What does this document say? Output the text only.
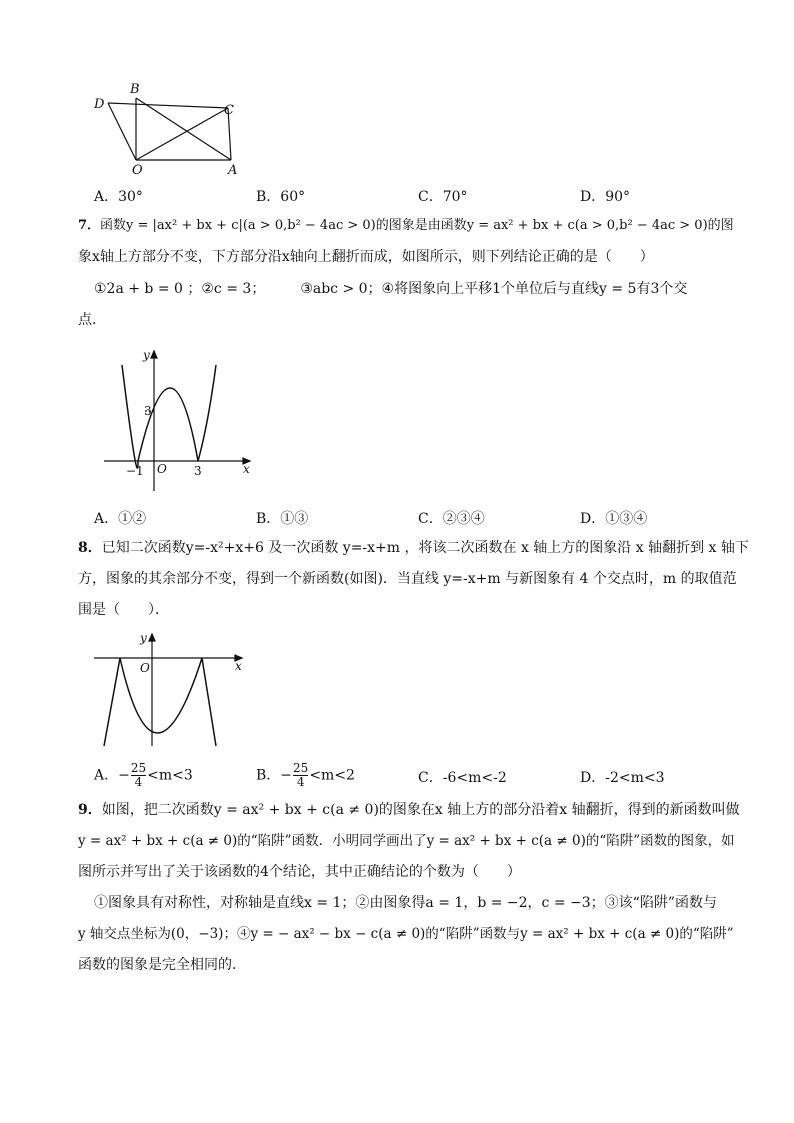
D
B
C
O	A
A．30°	B．60°	C．70°	D．90°
7．函数y = |ax² + bx + c|(a > 0,b² − 4ac > 0)的图象是由函数y = ax² + bx + c(a > 0,b² − 4ac > 0)的图
象x轴上方部分不变，下方部分沿x轴向上翻折而成，如图所示，则下列结论正确的是（　　）
①2a + b = 0 ；②c = 3；　　　③abc > 0；④将图象向上平移1个单位后与直线y = 5有3个交
点．
y
x
O
−1	3
3
A．①②	B．①③	C．②③④	D．①③④
8．已知二次函数y=-x²+x+6 及一次函数 y=-x+m ，将该二次函数在 x 轴上方的图象沿 x 轴翻折到 x 轴下
方，图象的其余部分不变，得到一个新函数(如图)．当直线 y=-x+m 与新图象有 4 个交点时，m 的取值范
围是（　　）．
y
x
O
A．− $\frac{25}{4} <m<3$	B．− $\frac{25}{4} <m<2$	C．-6<m<-2	D．-2<m<3
9．如图，把二次函数y = ax² + bx + c(a ≠ 0)的图象在x 轴上方的部分沿着x 轴翻折，得到的新函数叫做
y = ax² + bx + c(a ≠ 0)的“陷阱”函数．小明同学画出了y = ax² + bx + c(a ≠ 0)的“陷阱”函数的图象，如
图所示并写出了关于该函数的4个结论，其中正确结论的个数为（　　）
①图象具有对称性，对称轴是直线x = 1；②由图象得a = 1，b = −2，c = −3；③该“陷阱”函数与
y 轴交点坐标为(0，−3)；④y = − ax² − bx − c(a ≠ 0)的“陷阱”函数与y = ax² + bx + c(a ≠ 0)的“陷阱”
函数的图象是完全相同的．
